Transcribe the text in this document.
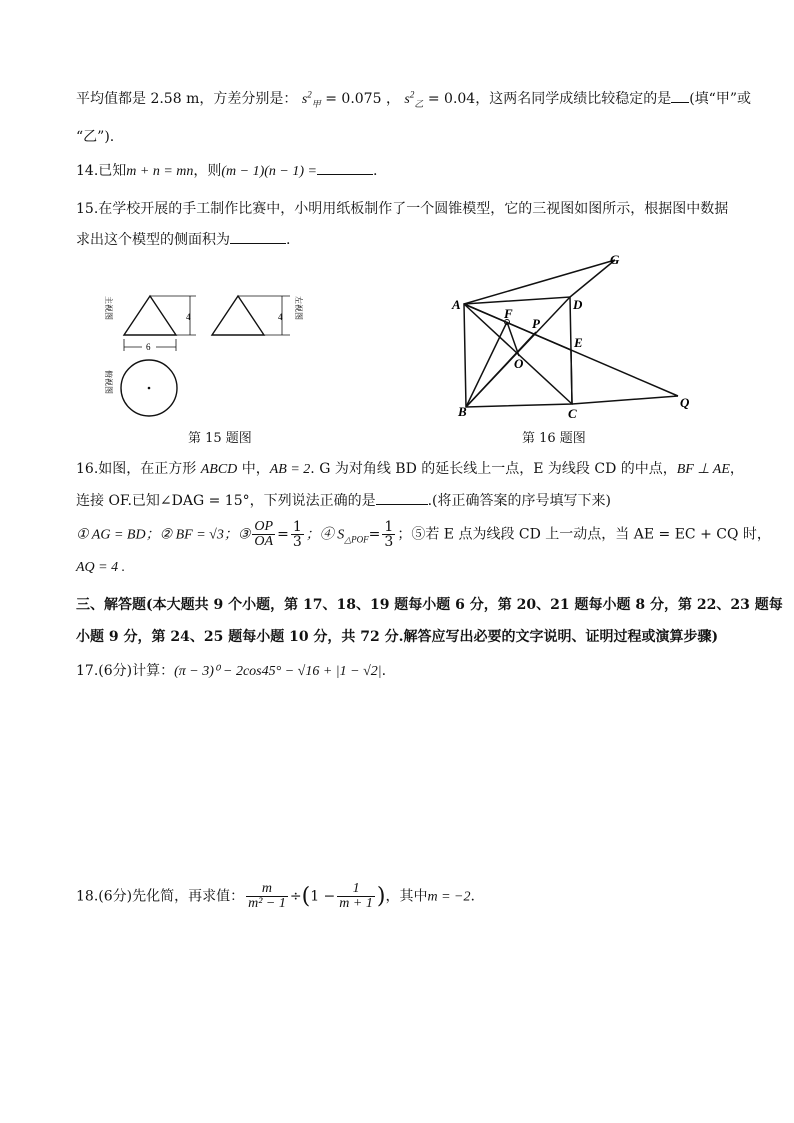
平均值都是 2.58 m，方差分别是： $s^2_甲 = 0.075$ ， $s^2_乙 = 0.04$，这两名同学成绩比较稳定的是 (填“甲”或
“乙”).
14.已知m + n = mn，则(m − 1)(n − 1) =	.
15.在学校开展的手工制作比赛中，小明用纸板制作了一个圆锥模型，它的三视图如图所示，根据图中数据
求出这个模型的侧面积为	.
主视图	4
6
4 左视图
俯视图
第 15 题图
A	D
G
F
P
O
E
B	C
Q
第 16 题图
16.如图，在正方形 ABCD 中，AB = 2. G 为对角线 BD 的延长线上一点，E 为线段 CD 的中点，BF ⊥ AE，
连接 OF.已知∠DAG = 15°，下列说法正确的是	.(将正确答案的序号填写下来)
① AG = BD；② BF = √3；③ $\frac{OP}{OA} = \frac{1}{3}$ ；④ $S_{\triangle POF}= \frac{1}{3}$ ；⑤若 E 点为线段 CD 上一动点，当 AE = EC + CQ 时，
AQ = 4 .
三、解答题(本大题共 9 个小题，第 17、18、19 题每小题 6 分，第 20、21 题每小题 8 分，第 22、23 题每
小题 9 分，第 24、25 题每小题 10 分，共 72 分.解答应写出必要的文字说明、证明过程或演算步骤)
17.(6分)计算：(π − 3)⁰ − 2cos45° − √16 + |1 − √2|.
18.(6分)先化简，再求值： $\frac{m}{\text{m² − 1}} \div(1 - \frac{1}{m + 1}$ )，其中m = −2.
